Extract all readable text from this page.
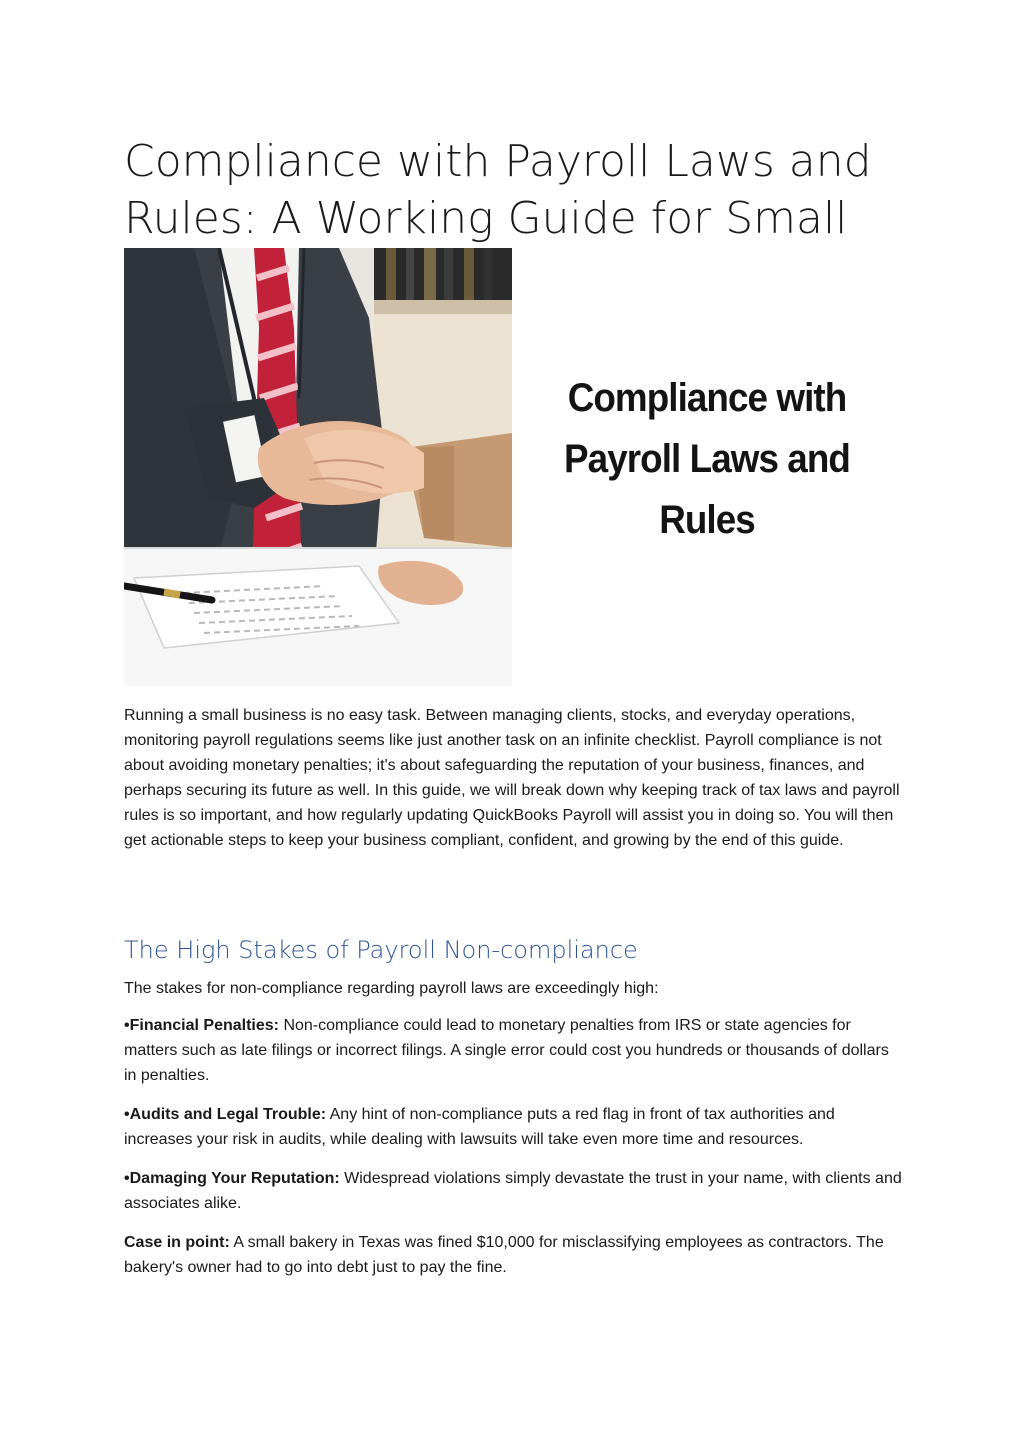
Compliance with Payroll Laws and
Rules: A Working Guide for Small
Compliance with
Payroll Laws and
Rules

Running a small business is no easy task. Between managing clients, stocks, and everyday operations, monitoring payroll regulations seems like just another task on an infinite checklist. Payroll compliance is not about avoiding monetary penalties; it's about safeguarding the reputation of your business, finances, and perhaps securing its future as well. In this guide, we will break down why keeping track of tax laws and payroll rules is so important, and how regularly updating QuickBooks Payroll will assist you in doing so. You will then get actionable steps to keep your business compliant, confident, and growing by the end of this guide.

The High Stakes of Payroll Non-compliance

The stakes for non-compliance regarding payroll laws are exceedingly high:

•Financial Penalties: Non-compliance could lead to monetary penalties from IRS or state agencies for matters such as late filings or incorrect filings. A single error could cost you hundreds or thousands of dollars in penalties.

•Audits and Legal Trouble: Any hint of non-compliance puts a red flag in front of tax authorities and increases your risk in audits, while dealing with lawsuits will take even more time and resources.

•Damaging Your Reputation: Widespread violations simply devastate the trust in your name, with clients and associates alike.

Case in point: A small bakery in Texas was fined $10,000 for misclassifying employees as contractors. The bakery's owner had to go into debt just to pay the fine.
